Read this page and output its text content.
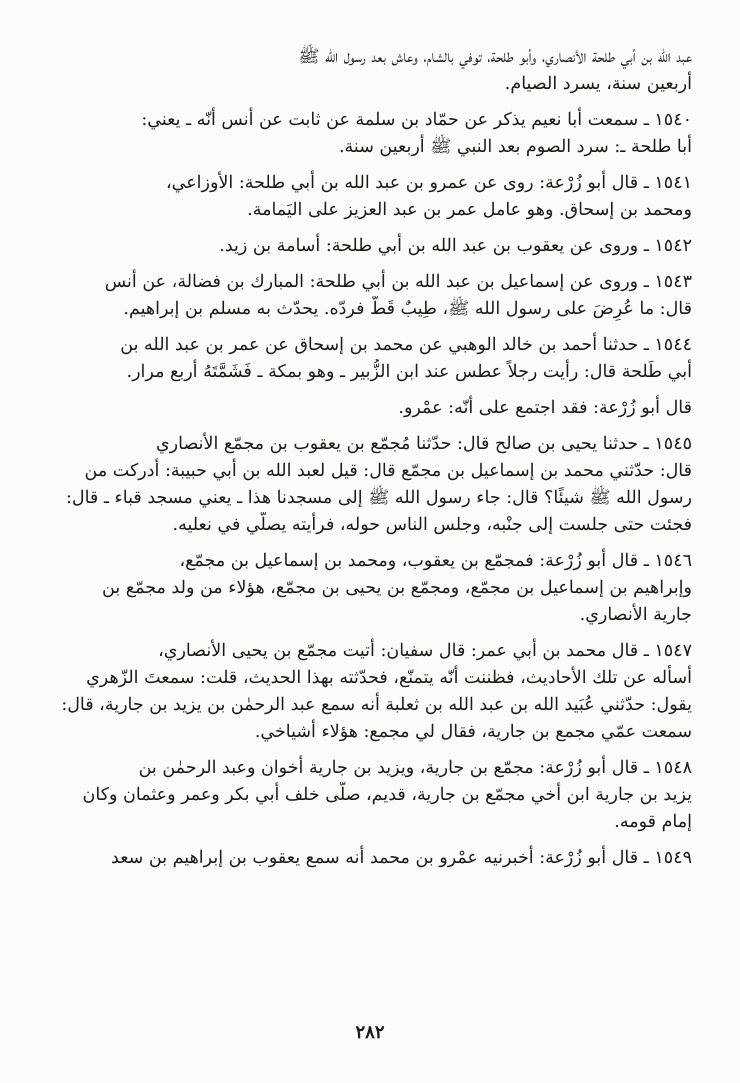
عبد الله بن أبي طلحة الأنصاري، وأبو طلحة، توفي بالشام، وعاش بعد رسول الله ﷺ
أربعين سنة، يسرد الصيام.
١٥٤٠ ـ سمعت أبا نعيم يذكر عن حمّاد بن سلمة عن ثابت عن أنس أنّه ـ يعني:
أبا طلحة ـ: سرد الصوم بعد النبي ﷺ أربعين سنة.
١٥٤١ ـ قال أبو زُرْعة: روى عن عمرو بن عبد الله بن أبي طلحة: الأوزاعي،
ومحمد بن إسحاق. وهو عامل عمر بن عبد العزيز على اليَمامة.
١٥٤٢ ـ وروى عن يعقوب بن عبد الله بن أبي طلحة: أُسامة بن زيد.
١٥٤٣ ـ وروى عن إسماعيل بن عبد الله بن أبي طلحة: المبارك بن فضالة، عن أنس
قال: ما عُرِضَ على رسول الله ﷺ، طِيبٌ قَطُّ فردّه. يحدّث به مسلم بن إبراهيم.
١٥٤٤ ـ حدثنا أحمد بن خالد الوهبي عن محمد بن إسحاق عن عمر بن عبد الله بن
أبي طَلحة قال: رأيت رجلاً عطس عند ابن الزُّبير ـ وهو بمكة ـ فَشَمَّتَهُ أربع مرار.
قال أبو زُرْعة: فقد اجتمع على أنّه: عمْرو.
١٥٤٥ ـ حدثنا يحيى بن صالح قال: حدّثنا مُجمّع بن يعقوب بن مجمّع الأنصاري
قال: حدّثني محمد بن إسماعيل بن مجمّع قال: قيل لعبد الله بن أبي حبيبة: أدركت من
رسول الله ﷺ شيئًا؟ قال: جاء رسول الله ﷺ إلى مسجدنا هذا ـ يعني مسجد قباء ـ قال:
فجئت حتى جلست إلى جنْبه، وجلس الناس حوله، فرأيته يصلّي في نعليه.
١٥٤٦ ـ قال أبو زُرْعة: فمجمّع بن يعقوب، ومحمد بن إسماعيل بن مجمّع،
وإبراهيم بن إسماعيل بن مجمّع، ومجمّع بن يحيى بن مجمّع، هؤلاء من ولد مجمّع بن
جارية الأنصاري.
١٥٤٧ ـ قال محمد بن أبي عمر: قال سفيان: أتيت مجمّع بن يحيى الأنصاري،
أسأله عن تلك الأحاديث، فظننت أنّه يتمنّع، فحدّثته بهذا الحديث، قلت: سمعتَ الزّهري
يقول: حدّثني عُبَيد الله بن عبد الله بن ثعلبة أنه سمع عبد الرحمٰن بن يزيد بن جارية، قال:
سمعت عمّي مجمع بن جارية، فقال لي مجمع: هؤلاء أشياخي.
١٥٤٨ ـ قال أبو زُرْعة: مجمّع بن جارية، ويزيد بن جارية أخوان وعبد الرحمٰن بن
يزيد بن جارية ابن أخي مجمّع بن جارية، قديم، صلّى خلف أبي بكر وعمر وعثمان وكان
إمام قومه.
١٥٤٩ ـ قال أبو زُرْعة: أخبرنيه عمْرو بن محمد أنه سمع يعقوب بن إبراهيم بن سعد
٢٨٢
